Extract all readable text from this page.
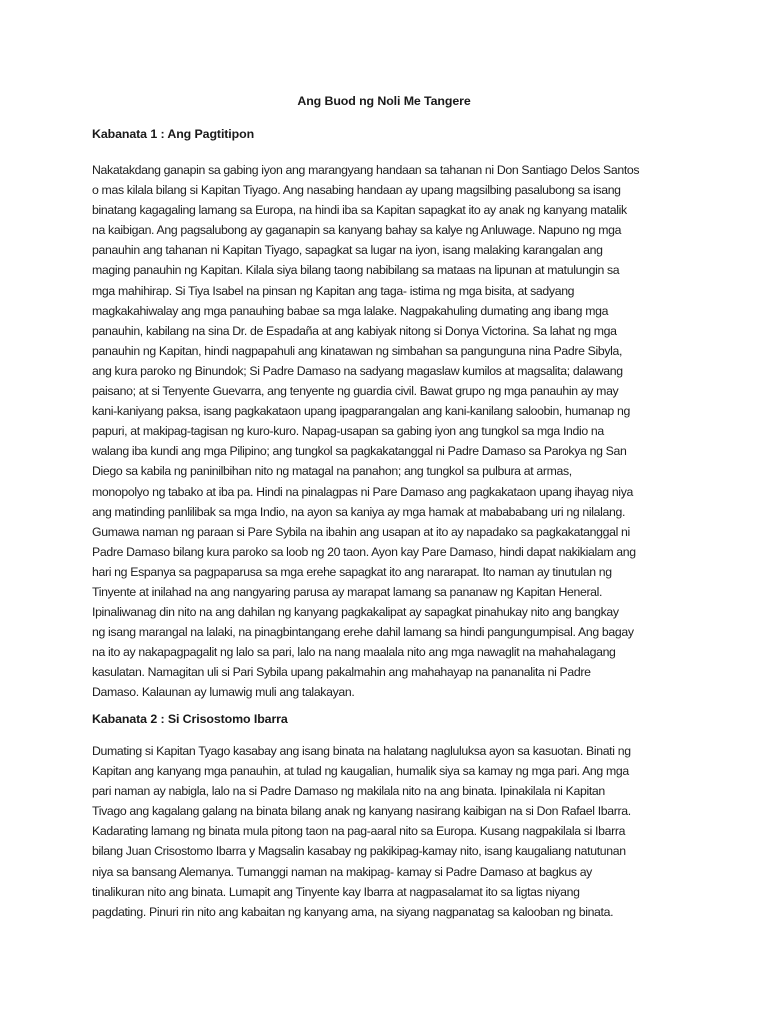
Ang Buod ng Noli Me Tangere
Kabanata 1 : Ang Pagtitipon
Nakatakdang ganapin sa gabing iyon ang marangyang handaan sa tahanan ni Don Santiago Delos Santos
o mas kilala bilang si Kapitan Tiyago. Ang nasabing handaan ay upang magsilbing pasalubong sa isang
binatang kagagaling lamang sa Europa, na hindi iba sa Kapitan sapagkat ito ay anak ng kanyang matalik
na kaibigan. Ang pagsalubong ay gaganapin sa kanyang bahay sa kalye ng Anluwage. Napuno ng mga
panauhin ang tahanan ni Kapitan Tiyago, sapagkat sa lugar na iyon, isang malaking karangalan ang
maging panauhin ng Kapitan. Kilala siya bilang taong nabibilang sa mataas na lipunan at matulungin sa
mga mahihirap. Si Tiya Isabel na pinsan ng Kapitan ang taga- istima ng mga bisita, at sadyang
magkakahiwalay ang mga panauhing babae sa mga lalake. Nagpakahuling dumating ang ibang mga
panauhin, kabilang na sina Dr. de Espadaña at ang kabiyak nitong si Donya Victorina. Sa lahat ng mga
panauhin ng Kapitan, hindi nagpapahuli ang kinatawan ng simbahan sa pangunguna nina Padre Sibyla,
ang kura paroko ng Binundok; Si Padre Damaso na sadyang magaslaw kumilos at magsalita; dalawang
paisano; at si Tenyente Guevarra, ang tenyente ng guardia civil. Bawat grupo ng mga panauhin ay may
kani-kaniyang paksa, isang pagkakataon upang ipagparangalan ang kani-kanilang saloobin, humanap ng
papuri, at makipag-tagisan ng kuro-kuro. Napag-usapan sa gabing iyon ang tungkol sa mga Indio na
walang iba kundi ang mga Pilipino; ang tungkol sa pagkakatanggal ni Padre Damaso sa Parokya ng San
Diego sa kabila ng paninilbihan nito ng matagal na panahon; ang tungkol sa pulbura at armas,
monopolyo ng tabako at iba pa. Hindi na pinalagpas ni Pare Damaso ang pagkakataon upang ihayag niya
ang matinding panlilibak sa mga Indio, na ayon sa kaniya ay mga hamak at mabababang uri ng nilalang.
Gumawa naman ng paraan si Pare Sybila na ibahin ang usapan at ito ay napadako sa pagkakatanggal ni
Padre Damaso bilang kura paroko sa loob ng 20 taon. Ayon kay Pare Damaso, hindi dapat nakikialam ang
hari ng Espanya sa pagpaparusa sa mga erehe sapagkat ito ang nararapat. Ito naman ay tinutulan ng
Tinyente at inilahad na ang nangyaring parusa ay marapat lamang sa pananaw ng Kapitan Heneral.
Ipinaliwanag din nito na ang dahilan ng kanyang pagkakalipat ay sapagkat pinahukay nito ang bangkay
ng isang marangal na lalaki, na pinagbintangang erehe dahil lamang sa hindi pangungumpisal. Ang bagay
na ito ay nakapagpagalit ng lalo sa pari, lalo na nang maalala nito ang mga nawaglit na mahahalagang
kasulatan. Namagitan uli si Pari Sybila upang pakalmahin ang mahahayap na pananalita ni Padre
Damaso. Kalaunan ay lumawig muli ang talakayan.
Kabanata 2 : Si Crisostomo Ibarra
Dumating si Kapitan Tyago kasabay ang isang binata na halatang nagluluksa ayon sa kasuotan. Binati ng
Kapitan ang kanyang mga panauhin, at tulad ng kaugalian, humalik siya sa kamay ng mga pari. Ang mga
pari naman ay nabigla, lalo na si Padre Damaso ng makilala nito na ang binata. Ipinakilala ni Kapitan
Tivago ang kagalang galang na binata bilang anak ng kanyang nasirang kaibigan na si Don Rafael Ibarra.
Kadarating lamang ng binata mula pitong taon na pag-aaral nito sa Europa. Kusang nagpakilala si Ibarra
bilang Juan Crisostomo Ibarra y Magsalin kasabay ng pakikipag-kamay nito, isang kaugaliang natutunan
niya sa bansang Alemanya. Tumanggi naman na makipag- kamay si Padre Damaso at bagkus ay
tinalikuran nito ang binata. Lumapit ang Tinyente kay Ibarra at nagpasalamat ito sa ligtas niyang
pagdating. Pinuri rin nito ang kabaitan ng kanyang ama, na siyang nagpanatag sa kalooban ng binata.
